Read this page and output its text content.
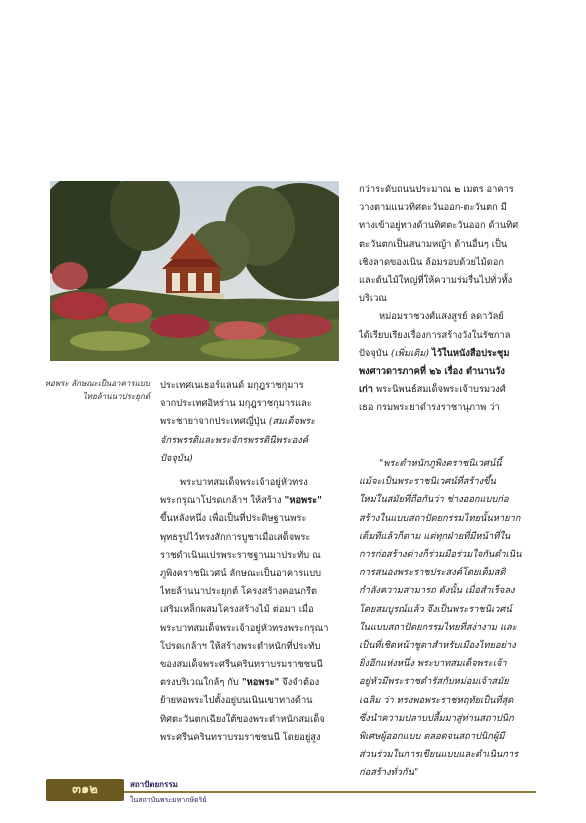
หอพระ ลักษณะเป็นอาคารแบบไทยล้านนาประยุกต์
กว่าระดับถนนประมาณ ๒ เมตร อาคาร
วางตามแนวทิศตะวันออก-ตะวันตก มี
ทางเข้าอยู่ทางด้านทิศตะวันออก ด้านทิศ
ตะวันตกเป็นสนามหญ้า ด้านอื่นๆ เป็น
เชิงลาดของเนิน ล้อมรอบด้วยไม้ดอก
และต้นไม้ใหญ่ที่ให้ความร่มรื่นไปทั่วทั้ง
บริเวณ
หม่อมราชวงศ์แสงสูรย์ ลดาวัลย์
ได้เรียบเรียงเรื่องการสร้างวังในรัชกาล
ปัจจุบัน (เพิ่มเติม) ไว้ในหนังสือประชุม
พงศาวดารภาคที่ ๒๖ เรื่อง ตำนานวัง
เก่า พระนิพนธ์สมเด็จพระเจ้าบรมวงศ์
เธอ กรมพระยาดำรงราชานุภาพ ว่า
"พระตำหนักภูพิงคราชนิเวศน์นี้
แม้จะเป็นพระราชนิเวศน์ที่สร้างขึ้น
ใหม่ในสมัยที่ถือกันว่า ช่างออกแบบก่อ
สร้างในแบบสถาปัตยกรรมไทยนั้นหายาก
เต็มทีแล้วก็ตาม แต่ทุกฝ่ายที่มีหน้าที่ใน
การก่อสร้างต่างก็ร่วมมือร่วมใจกันดำเนิน
การสนองพระราชประสงค์โดยเต็มสติ
กำลังความสามารถ ดังนั้น เมื่อสำเร็จลง
โดยสมบูรณ์แล้ว จึงเป็นพระราชนิเวศน์
ในแบบสถาปัตยกรรมไทยที่สง่างาม และ
เป็นที่เชิดหน้าชูตาสำหรับเมืองไทยอย่าง
ยิ่งอีกแห่งหนึ่ง พระบาทสมเด็จพระเจ้า
อยู่หัวมีพระราชดำรัสกับหม่อมเจ้าสมัย
เฉลิม ว่า ทรงพอพระราชหฤทัยเป็นที่สุด
ซึ่งนำความปลาบปลื้มมาสู่ท่านสถาปนิก
พิเศษผู้ออกแบบ ตลอดจนสถาปนิกผู้มี
ส่วนร่วมในการเขียนแบบและดำเนินการ
ก่อสร้างทั่วกัน"
ประเทศเนเธอร์แลนด์ มกุฎราชกุมาร
จากประเทศอิหร่าน มกุฎราชกุมารและ
พระชายาจากประเทศญี่ปุ่น (สมเด็จพระ
จักรพรรดิและพระจักรพรรดินีพระองค์
ปัจจุบัน)
พระบาทสมเด็จพระเจ้าอยู่หัวทรง
พระกรุณาโปรดเกล้าฯ ให้สร้าง "หอพระ"
ขึ้นหลังหนึ่ง เพื่อเป็นที่ประดิษฐานพระ
พุทธรูปไว้ทรงสักการบูชาเมื่อเสด็จพระ
ราชดำเนินแปรพระราชฐานมาประทับ ณ
ภูพิงคราชนิเวศน์ ลักษณะเป็นอาคารแบบ
ไทยล้านนาประยุกต์ โครงสร้างคอนกรีต
เสริมเหล็กผสมโครงสร้างไม้ ต่อมา เมื่อ
พระบาทสมเด็จพระเจ้าอยู่หัวทรงพระกรุณา
โปรดเกล้าฯ ให้สร้างพระตำหนักที่ประทับ
ของสมเด็จพระศรีนครินทราบรมราชชนนี
ตรงบริเวณใกล้ๆ กับ "หอพระ" จึงจำต้อง
ย้ายหอพระไปตั้งอยู่บนเนินเขาทางด้าน
ทิศตะวันตกเฉียงใต้ของพระตำหนักสมเด็จ
พระศรีนครินทราบรมราชชนนี โดยอยู่สูง
๓๑๒	สถาปัตยกรรม
ในสถาบันพระมหากษัตริย์
